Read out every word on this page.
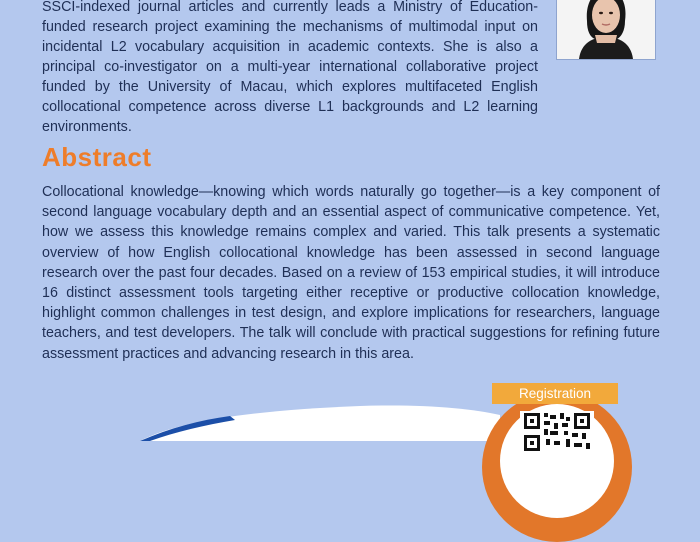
SSCI-indexed journal articles and currently leads a Ministry of Education-funded research project examining the mechanisms of multimodal input on incidental L2 vocabulary acquisition in academic contexts. She is also a principal co-investigator on a multi-year international collaborative project funded by the University of Macau, which explores multifaceted English collocational competence across diverse L1 backgrounds and L2 learning environments.

Abstract

Collocational knowledge—knowing which words naturally go together—is a key component of second language vocabulary depth and an essential aspect of communicative competence. Yet, how we assess this knowledge remains complex and varied. This talk presents a systematic overview of how English collocational knowledge has been assessed in second language research over the past four decades. Based on a review of 153 empirical studies, it will introduce 16 distinct assessment tools targeting either receptive or productive collocation knowledge, highlight common challenges in test design, and explore implications for researchers, language teachers, and test developers. The talk will conclude with practical suggestions for refining future assessment practices and advancing research in this area.

Registration
